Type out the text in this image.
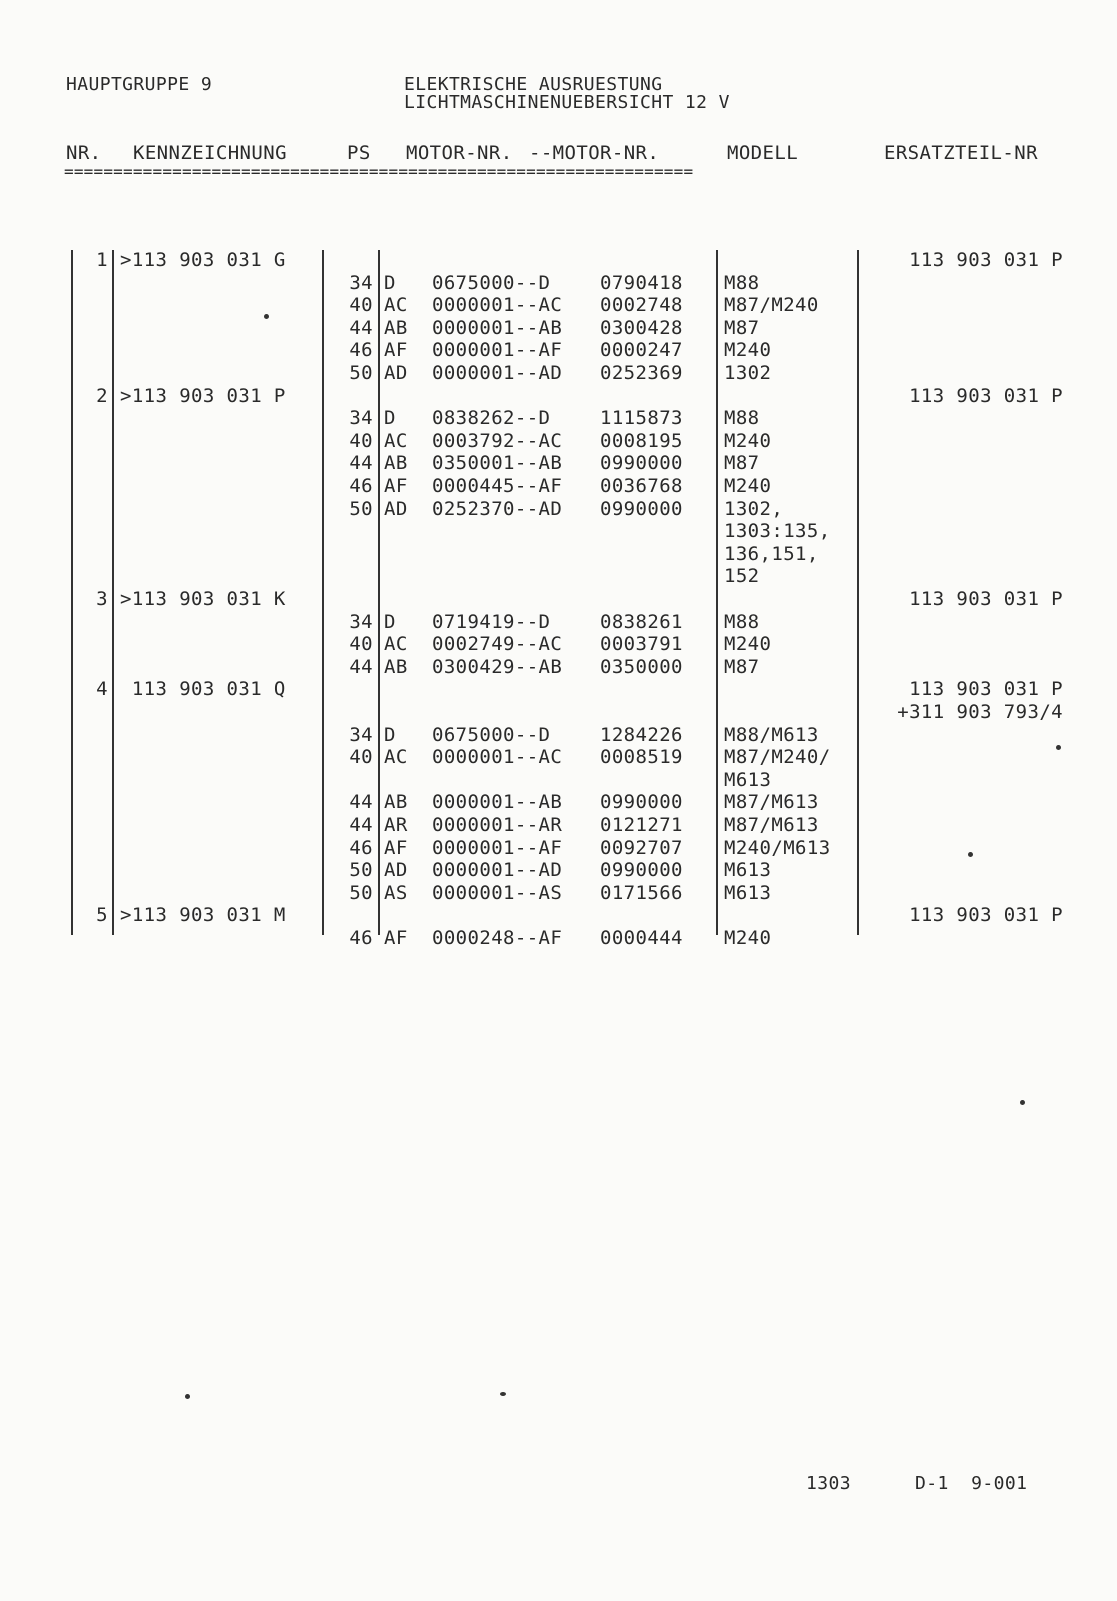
HAUPTGRUPPE 9	ELEKTRISCHE AUSRUESTUNG
LICHTMASCHINENUEBERSICHT 12 V
NR. KENNZEICHNUNG	PS MOTOR-NR. --MOTOR-NR.	MODELL	ERSATZTEIL-NR
================================================================
1 >113 903 031 G	113 903 031 P
34 D 0675000--D	0790418 M88
40 AC 0000001--AC 0002748 M87/M240
44 AB 0000001--AB 0300428 M87
46 AF 0000001--AF 0000247 M240
50 AD 0000001--AD 0252369 1302
2 >113 903 031 P	113 903 031 P
34 D 0838262--D	1115873 M88
40 AC 0003792--AC 0008195 M240
44 AB 0350001--AB 0990000 M87
46 AF 0000445--AF 0036768 M240
50 AD 0252370--AD 0990000 1302,
1303:135,
136,151,
152
3 >113 903 031 K	113 903 031 P
34 D 0719419--D	0838261 M88
40 AC 0002749--AC 0003791 M240
44 AB 0300429--AB 0350000 M87
4 113 903 031 Q	113 903 031 P
+311 903 793/4
34 D 0675000--D	1284226 M88/M613
40 AC 0000001--AC 0008519 M87/M240/
M613
44 AB 0000001--AB 0990000 M87/M613
44 AR 0000001--AR 0121271 M87/M613
46 AF 0000001--AF 0092707 M240/M613
50 AD 0000001--AD 0990000 M613
50 AS 0000001--AS 0171566 M613
5 >113 903 031 M	113 903 031 P
46 AF 0000248--AF 0000444 M240
1303	D-1  9-001
